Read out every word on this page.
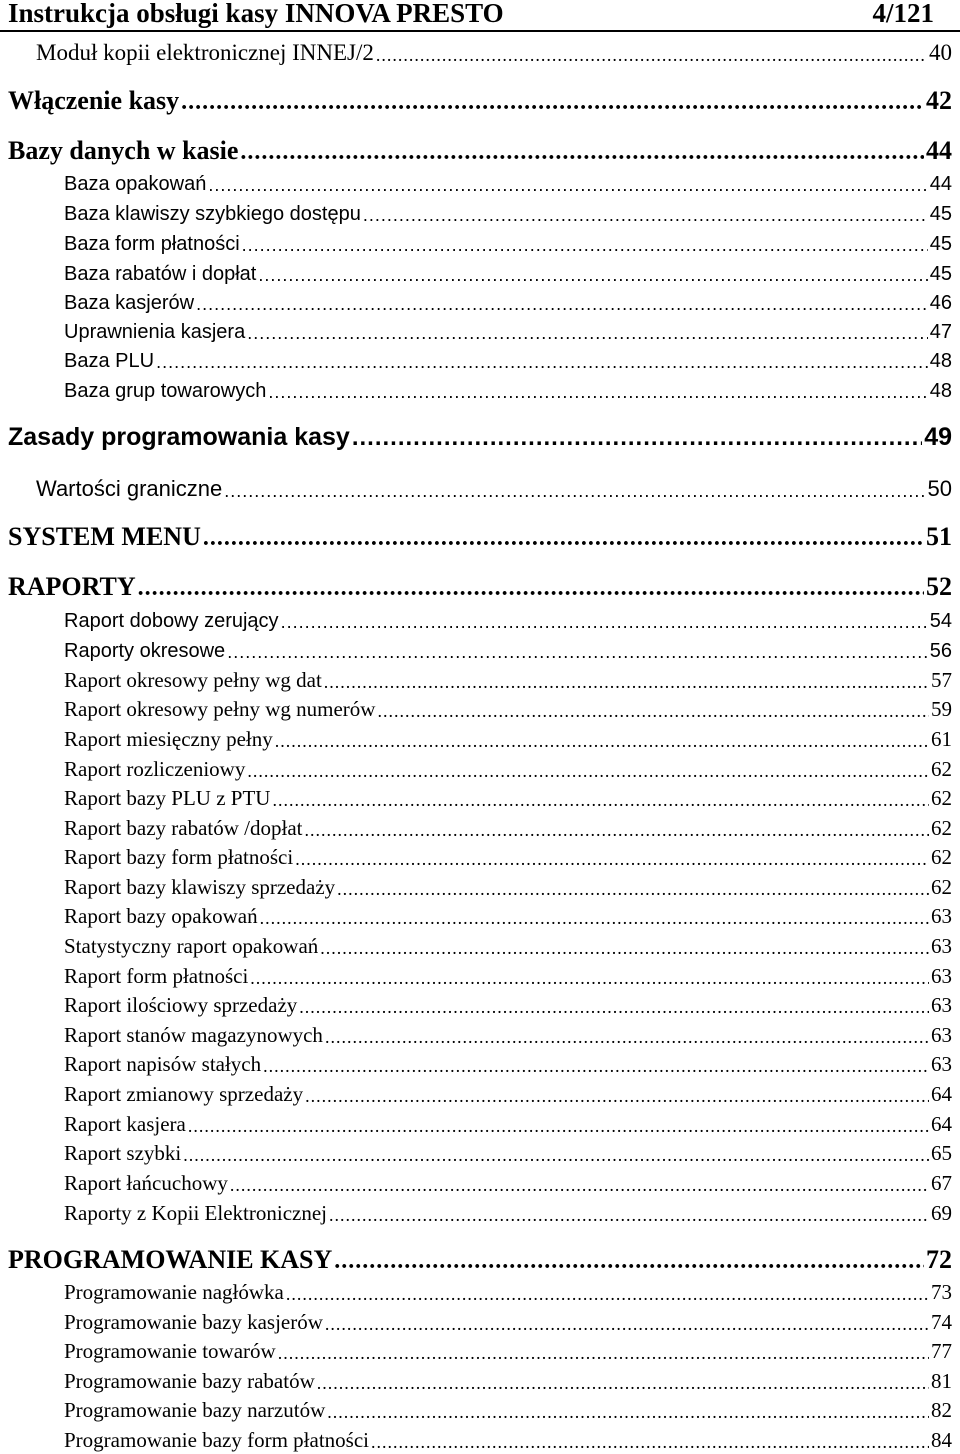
Instrukcja obsługi kasy INNOVA PRESTO	4/121
Moduł kopii elektronicznej INNEJ/2 .....	40
Włączenie kasy .....	42
Bazy danych w kasie .....	44
Baza opakowań .....	44
Baza klawiszy szybkiego dostępu .....	45
Baza form płatności .....	45
Baza rabatów i dopłat .....	45
Baza kasjerów .....	46
Uprawnienia kasjera .....	47
Baza PLU .....	48
Baza grup towarowych .....	48
Zasady programowania kasy .....	49
Wartości graniczne .....	50
SYSTEM MENU .....	51
RAPORTY .....	52
Raport dobowy zerujący .....	54
Raporty okresowe .....	56
Raport okresowy pełny wg dat .....	57
Raport okresowy pełny wg numerów .....	59
Raport miesięczny pełny .....	61
Raport rozliczeniowy .....	62
Raport bazy PLU z PTU .....	62
Raport bazy rabatów /dopłat .....	62
Raport bazy form płatności .....	62
Raport bazy klawiszy sprzedaży .....	62
Raport bazy opakowań .....	63
Statystyczny raport opakowań .....	63
Raport form płatności .....	63
Raport ilościowy sprzedaży .....	63
Raport stanów magazynowych .....	63
Raport napisów stałych .....	63
Raport zmianowy sprzedaży .....	64
Raport kasjera .....	64
Raport szybki .....	65
Raport łańcuchowy .....	67
Raporty z Kopii Elektronicznej .....	69
PROGRAMOWANIE KASY .....	72
Programowanie nagłówka .....	73
Programowanie bazy kasjerów .....	74
Programowanie towarów .....	77
Programowanie bazy rabatów .....	81
Programowanie bazy narzutów .....	82
Programowanie bazy form płatności .....	84
